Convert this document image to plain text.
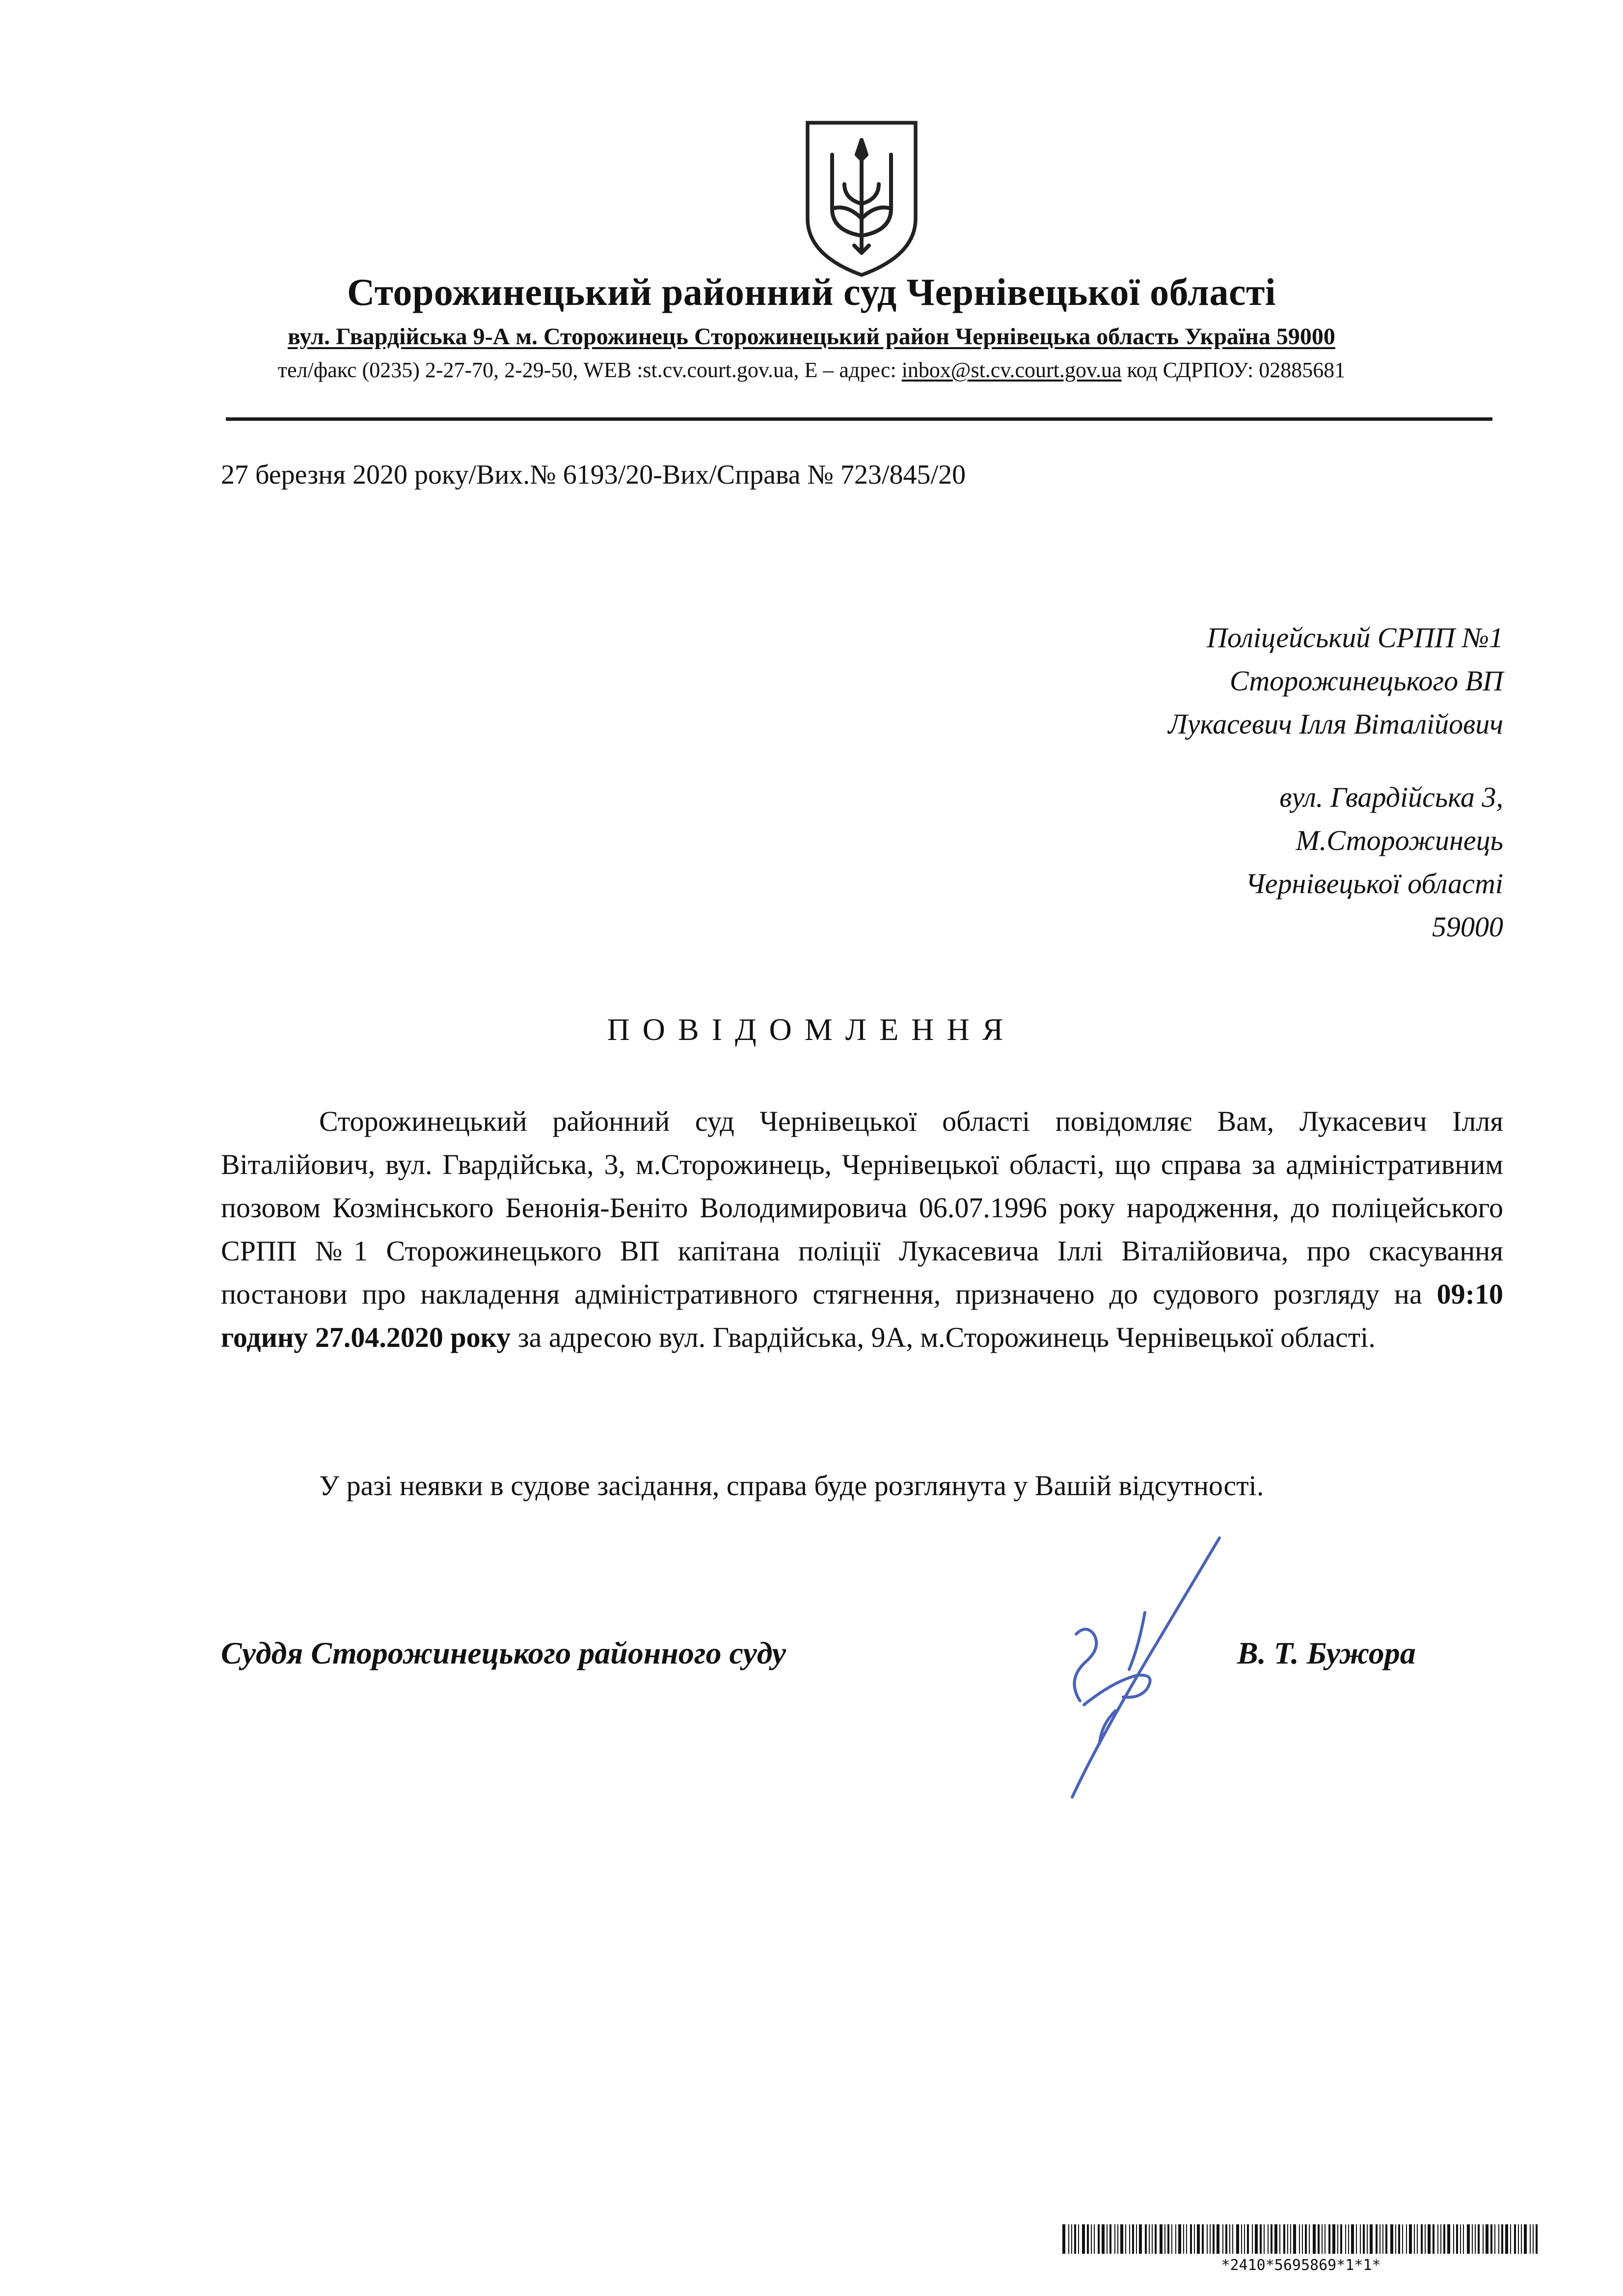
Сторожинецький районний суд Чернівецької області
вул. Гвардійська 9-А м. Сторожинець Сторожинецький район Чернівецька область Україна 59000
тел/факс (0235) 2-27-70, 2-29-50, WEB :st.cv.court.gov.ua, E – адрес: inbox@st.cv.court.gov.ua код СДРПОУ: 02885681
27 березня 2020 року/Вих.№ 6193/20-Вих/Справа № 723/845/20
Поліцейський СРПП №1
Сторожинецького ВП
Лукасевич Ілля Віталійович
вул. Гвардійська 3,
М.Сторожинець
Чернівецької області
59000
ПОВІДОМЛЕННЯ
Сторожинецький районний суд Чернівецької області повідомляє Вам, Лукасевич Ілля Віталійович, вул. Гвардійська, 3, м.Сторожинець, Чернівецької області, що справа за адміністративним позовом Козмінського Бенонія-Беніто Володимировича 06.07.1996 року народження, до поліцейського СРПП №1 Сторожинецького ВП капітана поліції Лукасевича Іллі Віталійовича, про скасування постанови про накладення адміністративного стягнення, призначено до судового розгляду на 09:10 годину 27.04.2020 року за адресою вул. Гвардійська, 9А, м.Сторожинець Чернівецької області.
У разі неявки в судове засідання, справа буде розглянута у Вашій відсутності.
Суддя Сторожинецького районного суду	В. Т. Бужора
*2410*5695869*1*1*
